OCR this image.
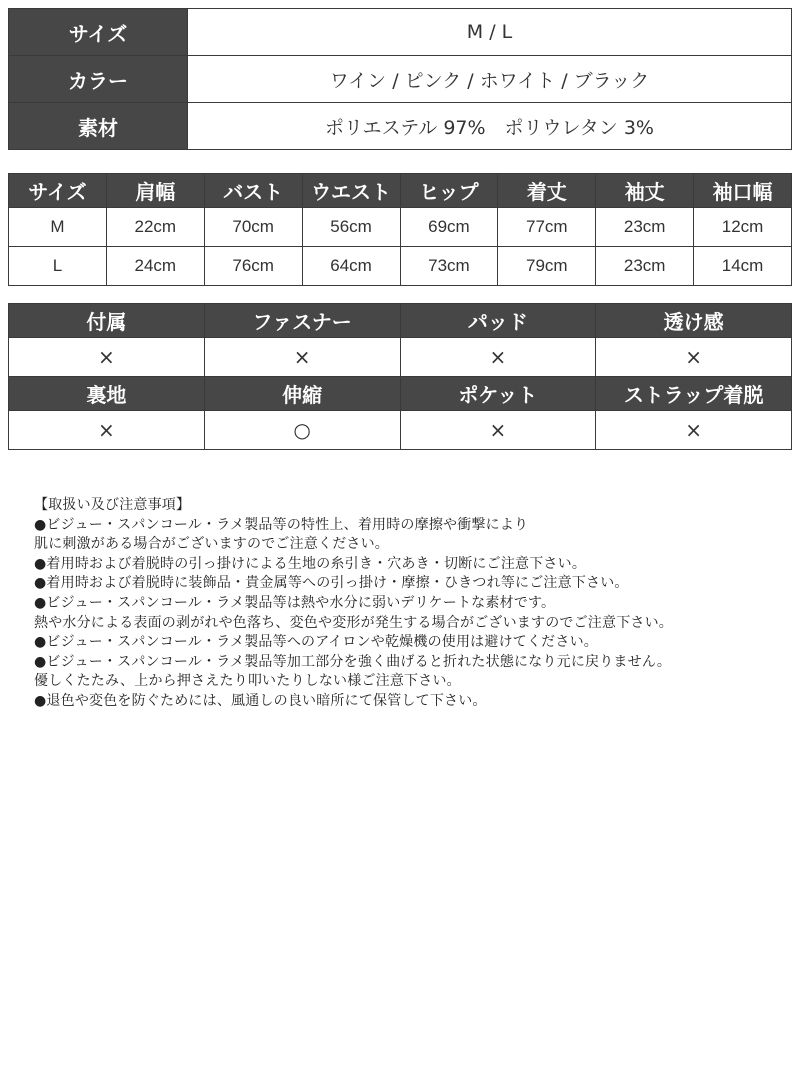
サイズ	M / L
カラー	ワイン / ピンク / ホワイト / ブラック
素材	ポリエステル 97%　ポリウレタン 3%
サイズ	肩幅	バスト	ウエスト	ヒップ	着丈	袖丈	袖口幅
M	22cm	70cm	56cm	69cm	77cm	23cm	12cm
L	24cm	76cm	64cm	73cm	79cm	23cm	14cm
付属	ファスナー	パッド	透け感
×	×	×	×
裏地	伸縮	ポケット	ストラップ着脱
×	○	×	×
【取扱い及び注意事項】
●ビジュー・スパンコール・ラメ製品等の特性上、着用時の摩擦や衝撃により
肌に刺激がある場合がございますのでご注意ください。
●着用時および着脱時の引っ掛けによる生地の糸引き・穴あき・切断にご注意下さい。
●着用時および着脱時に装飾品・貴金属等への引っ掛け・摩擦・ひきつれ等にご注意下さい。
●ビジュー・スパンコール・ラメ製品等は熱や水分に弱いデリケートな素材です。
熱や水分による表面の剥がれや色落ち、変色や変形が発生する場合がございますのでご注意下さい。
●ビジュー・スパンコール・ラメ製品等へのアイロンや乾燥機の使用は避けてください。
●ビジュー・スパンコール・ラメ製品等加工部分を強く曲げると折れた状態になり元に戻りません。
優しくたたみ、上から押さえたり叩いたりしない様ご注意下さい。
●退色や変色を防ぐためには、風通しの良い暗所にて保管して下さい。
